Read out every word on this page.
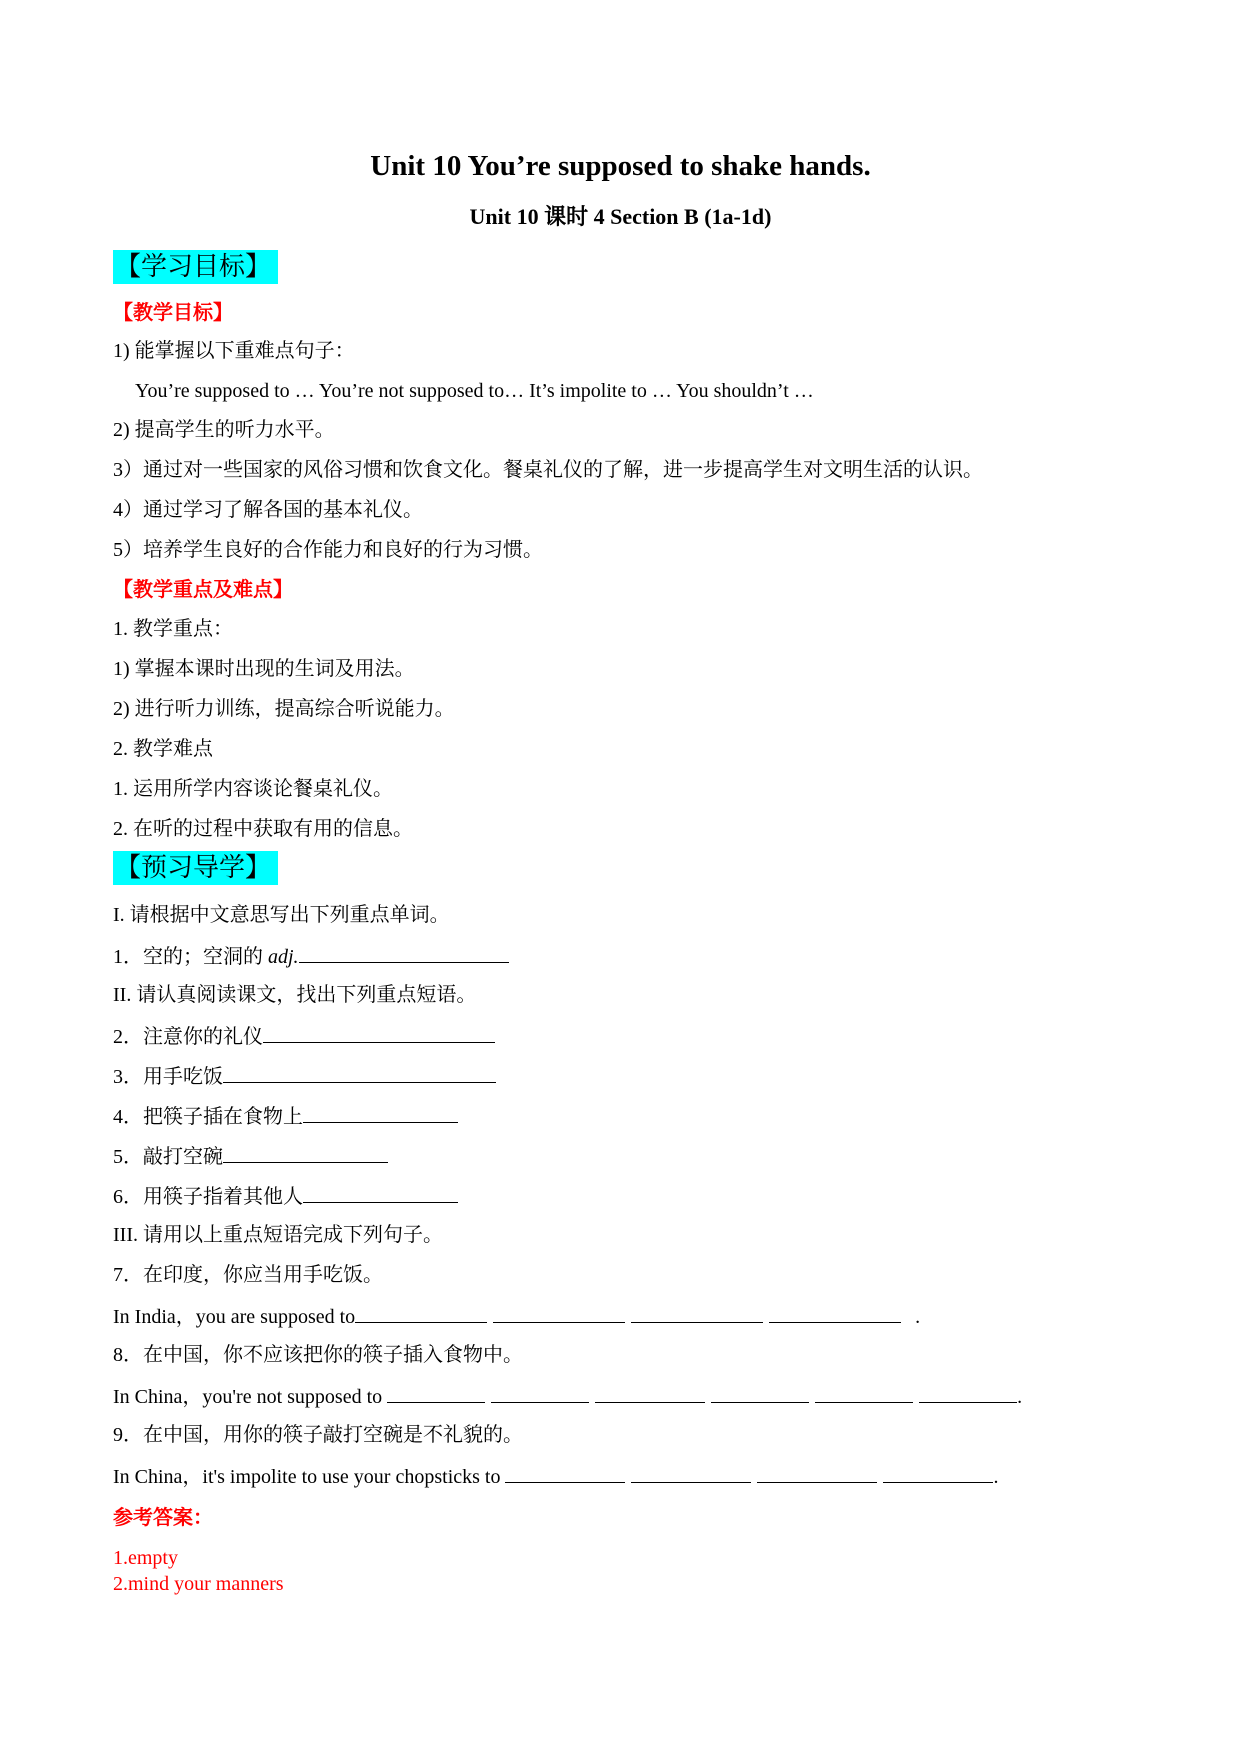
Unit 10 You’re supposed to shake hands.
Unit 10 课时 4 Section B (1a-1d)
【学习目标】
【教学目标】
1) 能掌握以下重难点句子：
You’re supposed to … You’re not supposed to… It’s impolite to … You shouldn’t …
2) 提高学生的听力水平。
3）通过对一些国家的风俗习惯和饮食文化。餐桌礼仪的了解，进一步提高学生对文明生活的认识。
4）通过学习了解各国的基本礼仪。
5）培养学生良好的合作能力和良好的行为习惯。
【教学重点及难点】
1. 教学重点：
1) 掌握本课时出现的生词及用法。
2) 进行听力训练，提高综合听说能力。
2. 教学难点
1. 运用所学内容谈论餐桌礼仪。
2. 在听的过程中获取有用的信息。
【预习导学】
I. 请根据中文意思写出下列重点单词。
1．空的；空洞的 adj.
II. 请认真阅读课文，找出下列重点短语。
2．注意你的礼仪
3．用手吃饭
4．把筷子插在食物上
5．敲打空碗
6．用筷子指着其他人
III. 请用以上重点短语完成下列句子。
7．在印度，你应当用手吃饭。
In India，you are supposed to	.
8．在中国，你不应该把你的筷子插入食物中。
In China，you're not supposed to	.
9．在中国，用你的筷子敲打空碗是不礼貌的。
In China，it's impolite to use your chopsticks to	.
参考答案：
1.empty
2.mind your manners
